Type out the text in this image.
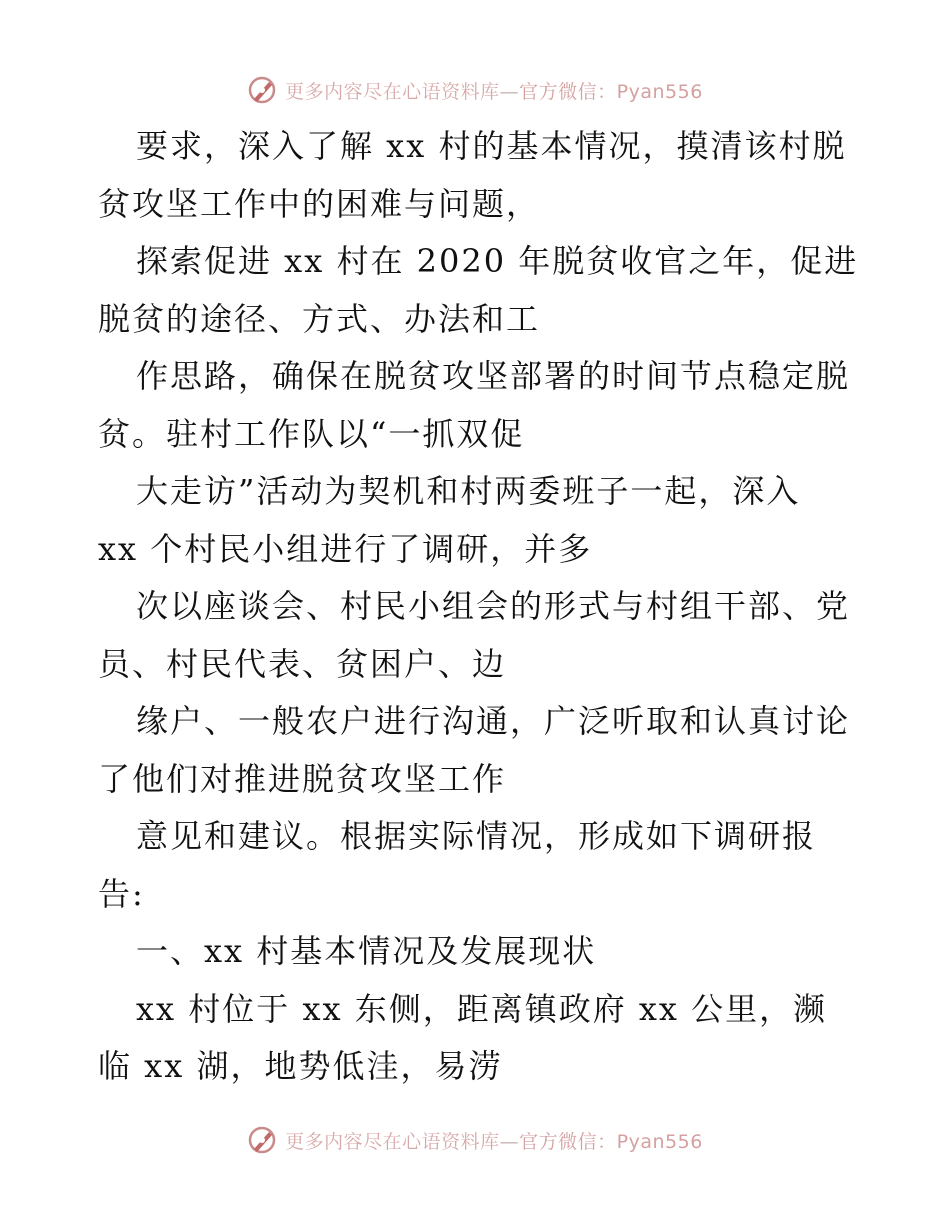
更多内容尽在心语资料库—官方微信：Pyan556
要求，深入了解 xx 村的基本情况，摸清该村脱
贫攻坚工作中的困难与问题，
探索促进 xx 村在 2020 年脱贫收官之年，促进
脱贫的途径、方式、办法和工
作思路，确保在脱贫攻坚部署的时间节点稳定脱
贫。驻村工作队以“一抓双促
大走访”活动为契机和村两委班子一起，深入
xx 个村民小组进行了调研，并多
次以座谈会、村民小组会的形式与村组干部、党
员、村民代表、贫困户、边
缘户、一般农户进行沟通，广泛听取和认真讨论
了他们对推进脱贫攻坚工作
意见和建议。根据实际情况，形成如下调研报
告:
一、xx 村基本情况及发展现状
xx 村位于 xx 东侧，距离镇政府 xx 公里，濒
临 xx 湖，地势低洼，易涝
更多内容尽在心语资料库—官方微信：Pyan556
